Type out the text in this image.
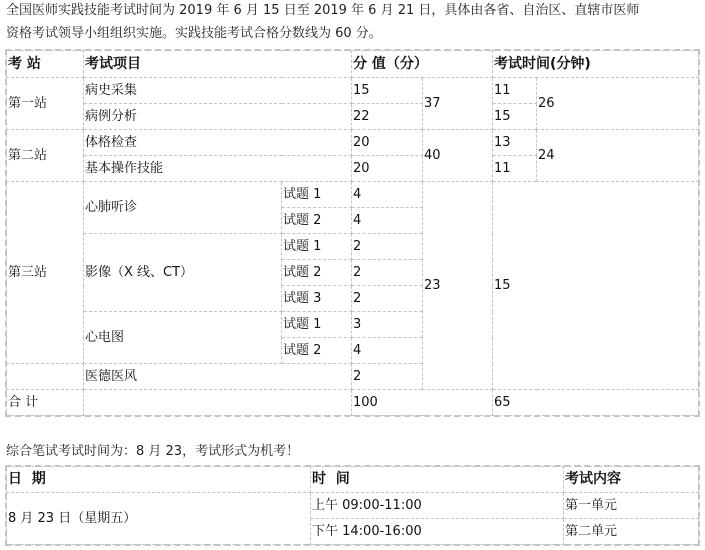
全国医师实践技能考试时间为 2019 年 6 月 15 日至 2019 年 6 月 21 日，具体由各省、自治区、直辖市医师
资格考试领导小组组织实施。实践技能考试合格分数线为 60 分。
考 站	考试项目		分 值（分）		考试时间(分钟)	
第一站	病史采集		15	37	11	26
	病例分析		22		15	
第二站	体格检查		20	40	13	24
	基本操作技能		20		11	
第三站	心肺听诊	试题 1	4	23	15	
		试题 2	4			
	影像（X 线、CT）	试题 1	2			
		试题 2	2			
		试题 3	2			
	心电图	试题 1	3			
		试题 2	4			
	医德医风		2			
合 计			100		65	
综合笔试考试时间为：8 月 23，考试形式为机考！
日  期	时  间	考试内容
8 月 23 日（星期五）	上午 09:00-11:00	第一单元
	下午 14:00-16:00	第二单元
